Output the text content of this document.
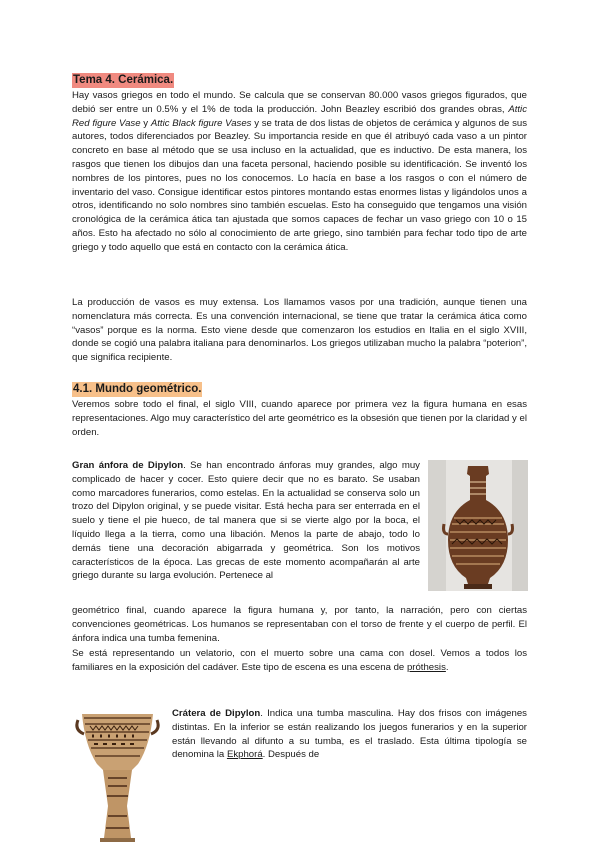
Tema 4. Cerámica.

Hay vasos griegos en todo el mundo. Se calcula que se conservan 80.000 vasos griegos figurados, que debió ser entre un 0.5% y el 1% de toda la producción. John Beazley escribió dos grandes obras, Attic Red figure Vase y Attic Black figure Vases y se trata de dos listas de objetos de cerámica y algunos de sus autores, todos diferenciados por Beazley. Su importancia reside en que él atribuyó cada vaso a un pintor concreto en base al método que se usa incluso en la actualidad, que es inductivo. De esta manera, los rasgos que tienen los dibujos dan una faceta personal, haciendo posible su identificación. Se inventó los nombres de los pintores, pues no los conocemos. Lo hacía en base a los rasgos o con el número de inventario del vaso. Consigue identificar estos pintores montando estas enormes listas y ligándolos unos a otros, identificando no solo nombres sino también escuelas. Esto ha conseguido que tengamos una visión cronológica de la cerámica ática tan ajustada que somos capaces de fechar un vaso griego con 10 o 15 años. Esto ha afectado no sólo al conocimiento de arte griego, sino también para fechar todo tipo de arte griego y todo aquello que está en contacto con la cerámica ática.

La producción de vasos es muy extensa. Los llamamos vasos por una tradición, aunque tienen una nomenclatura más correcta. Es una convención internacional, se tiene que tratar la cerámica ática como “vasos” porque es la norma. Esto viene desde que comenzaron los estudios en Italia en el siglo XVIII, donde se cogió una palabra italiana para denominarlos. Los griegos utilizaban mucho la palabra “poterion”, que significa recipiente.

4.1. Mundo geométrico.

Veremos sobre todo el final, el siglo VIII, cuando aparece por primera vez la figura humana en esas representaciones. Algo muy característico del arte geométrico es la obsesión que tienen por la claridad y el orden.

Gran ánfora de Dipylon. Se han encontrado ánforas muy grandes, algo muy complicado de hacer y cocer. Esto quiere decir que no es barato. Se usaban como marcadores funerarios, como estelas. En la actualidad se conserva solo un trozo del Dipylon original, y se puede visitar. Está hecha para ser enterrada en el suelo y tiene el pie hueco, de tal manera que si se vierte algo por la boca, el líquido llega a la tierra, como una libación. Menos la parte de abajo, todo lo demás tiene una decoración abigarrada y geométrica. Son los motivos característicos de la época. Las grecas de este momento acompañarán al arte griego durante su larga evolución. Pertenece al

geométrico final, cuando aparece la figura humana y, por tanto, la narración, pero con ciertas convenciones geométricas. Los humanos se representaban con el torso de frente y el cuerpo de perfil. El ánfora indica una tumba femenina.

Se está representando un velatorio, con el muerto sobre una cama con dosel. Vemos a todos los familiares en la exposición del cadáver. Este tipo de escena es una escena de próthesis.

Crátera de Dipylon. Indica una tumba masculina. Hay dos frisos con imágenes distintas. En la inferior se están realizando los juegos funerarios y en la superior están llevando al difunto a su tumba, es el traslado. Esta última tipología se denomina la Ekphorá. Después de
